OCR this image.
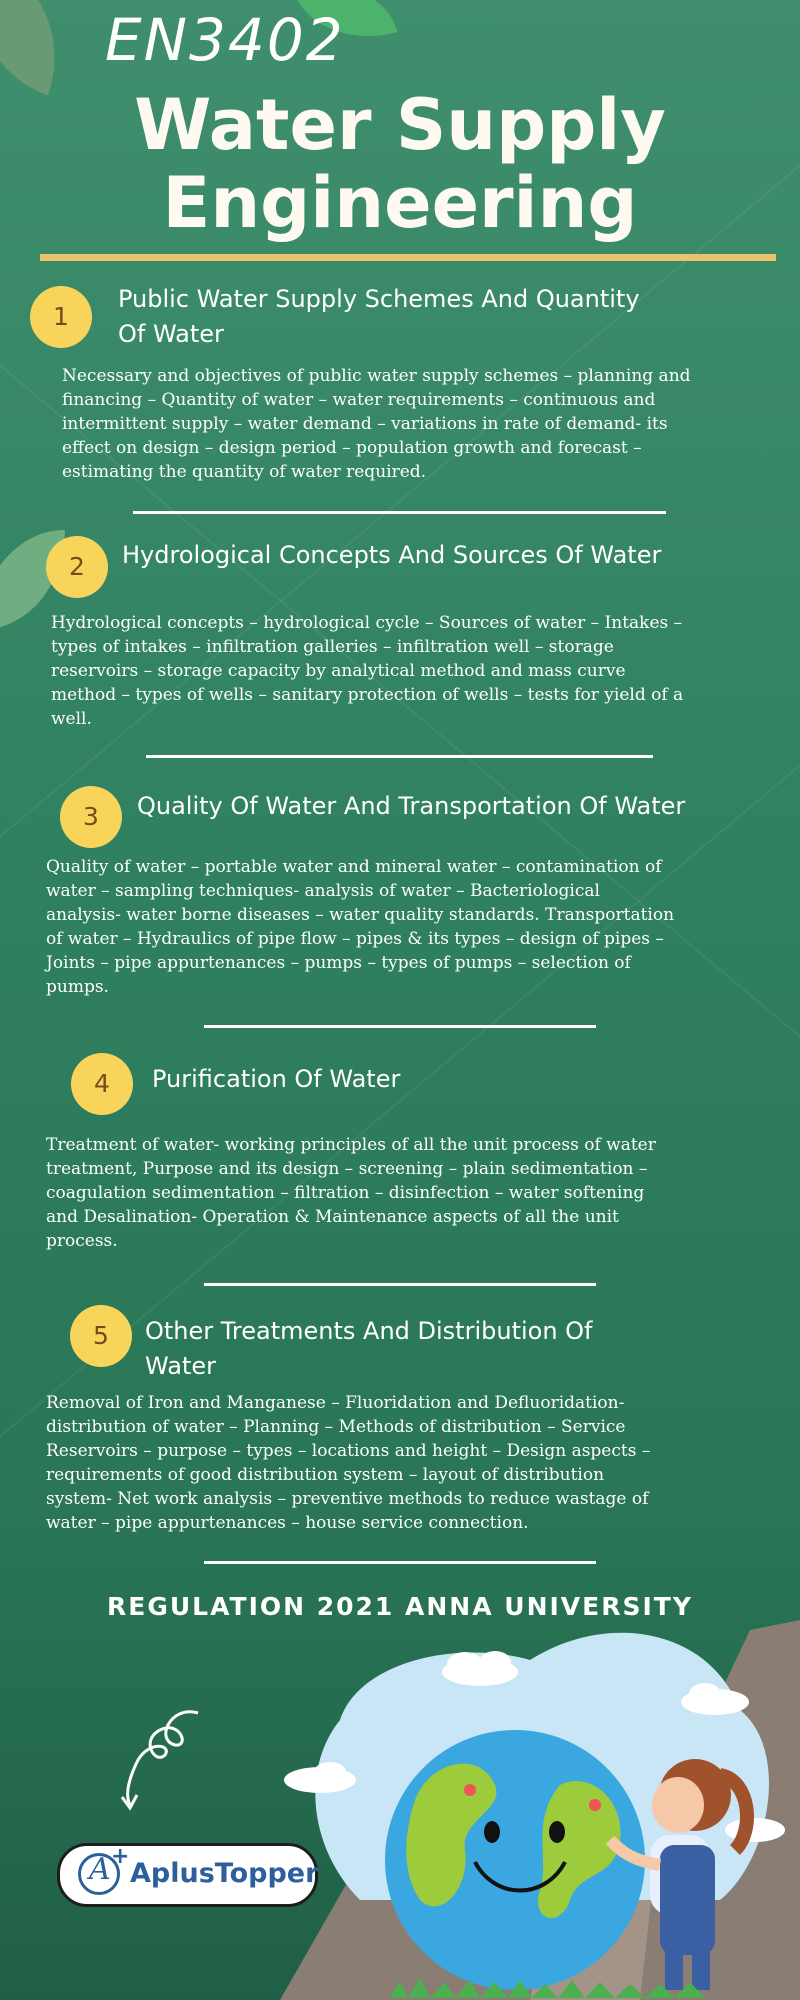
EN3402
Water Supply
Engineering
1
Public Water Supply Schemes And Quantity
Of Water
Necessary and objectives of public water supply schemes – planning and
financing – Quantity of water – water requirements – continuous and
intermittent supply – water demand – variations in rate of demand- its
effect on design – design period – population growth and forecast –
estimating the quantity of water required.
2	Hydrological Concepts And Sources Of Water
Hydrological concepts – hydrological cycle – Sources of water – Intakes –
types of intakes – infiltration galleries – infiltration well – storage
reservoirs – storage capacity by analytical method and mass curve
method – types of wells – sanitary protection of wells – tests for yield of a
well.
3	Quality Of Water And Transportation Of Water
Quality of water – portable water and mineral water – contamination of
water – sampling techniques- analysis of water – Bacteriological
analysis- water borne diseases – water quality standards. Transportation
of water – Hydraulics of pipe flow – pipes & its types – design of pipes –
Joints – pipe appurtenances – pumps – types of pumps – selection of
pumps.
4	Purification Of Water
Treatment of water- working principles of all the unit process of water
treatment, Purpose and its design – screening – plain sedimentation –
coagulation sedimentation – filtration – disinfection – water softening
and Desalination- Operation & Maintenance aspects of all the unit
process.
5	Other Treatments And Distribution Of
Water
Removal of Iron and Manganese – Fluoridation and Defluoridation-
distribution of water – Planning – Methods of distribution – Service
Reservoirs – purpose – types – locations and height – Design aspects –
requirements of good distribution system – layout of distribution
system- Net work analysis – preventive methods to reduce wastage of
water – pipe appurtenances – house service connection.
REGULATION 2021 ANNA UNIVERSITY
A +
AplusTopper
